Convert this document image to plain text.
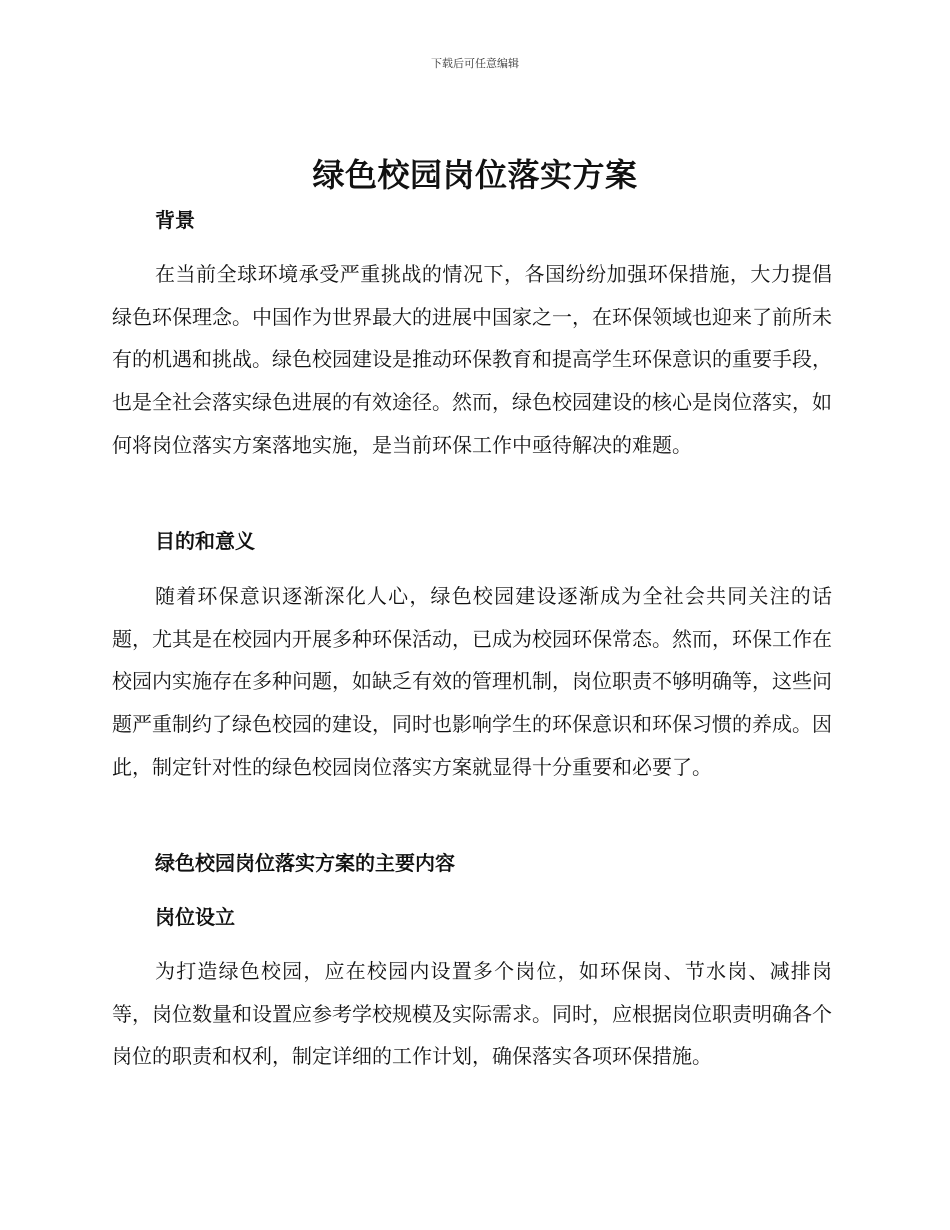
下载后可任意编辑
绿色校园岗位落实方案
背景

在当前全球环境承受严重挑战的情况下，各国纷纷加强环保措施，大力提倡绿色环保理念。中国作为世界最大的进展中国家之一，在环保领域也迎来了前所未有的机遇和挑战。绿色校园建设是推动环保教育和提高学生环保意识的重要手段，也是全社会落实绿色进展的有效途径。然而，绿色校园建设的核心是岗位落实，如何将岗位落实方案落地实施，是当前环保工作中亟待解决的难题。

目的和意义

随着环保意识逐渐深化人心，绿色校园建设逐渐成为全社会共同关注的话题，尤其是在校园内开展多种环保活动，已成为校园环保常态。然而，环保工作在校园内实施存在多种问题，如缺乏有效的管理机制，岗位职责不够明确等，这些问题严重制约了绿色校园的建设，同时也影响学生的环保意识和环保习惯的养成。因此，制定针对性的绿色校园岗位落实方案就显得十分重要和必要了。

绿色校园岗位落实方案的主要内容
岗位设立

为打造绿色校园，应在校园内设置多个岗位，如环保岗、节水岗、减排岗等，岗位数量和设置应参考学校规模及实际需求。同时，应根据岗位职责明确各个岗位的职责和权利，制定详细的工作计划，确保落实各项环保措施。
